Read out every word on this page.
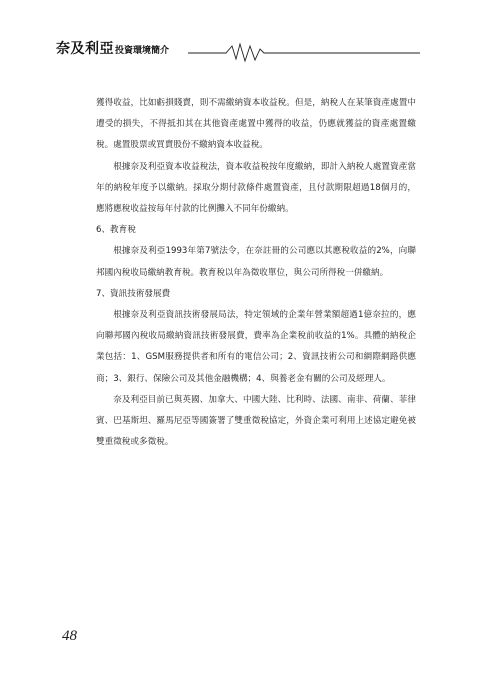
奈及利亞投資環境簡介

獲得收益，比如虧損賤賣，則不需繳納資本收益稅。但是，納稅人在某筆資產處置中遭受的損失，不得抵扣其在其他資產處置中獲得的收益，仍應就獲益的資產處置繳稅。處置股票或買賣股份不繳納資本收益稅。

根據奈及利亞資本收益稅法，資本收益稅按年度繳納，即計入納稅人處置資產當年的納稅年度予以繳納。採取分期付款條件處置資產，且付款期限超過18個月的，應將應稅收益按每年付款的比例攤入不同年份繳納。

6、教育稅

根據奈及利亞1993年第7號法令，在奈註冊的公司應以其應稅收益的2%，向聯邦國內稅收局繳納教育稅。教育稅以年為徵收單位，與公司所得稅一併繳納。

7、資訊技術發展費

根據奈及利亞資訊技術發展局法，特定領域的企業年營業額超過1億奈拉的，應向聯邦國內稅收局繳納資訊技術發展費，費率為企業稅前收益的1%。具體的納稅企業包括：1、GSM服務提供者和所有的電信公司；2、資訊技術公司和網際網路供應商；3、銀行、保險公司及其他金融機構；4、與養老金有關的公司及經理人。

奈及利亞目前已與英國、加拿大、中國大陸、比利時、法國、南非、荷蘭、菲律賓、巴基斯坦、羅馬尼亞等國簽署了雙重徵稅協定，外資企業可利用上述協定避免被雙重徵稅或多徵稅。

48
